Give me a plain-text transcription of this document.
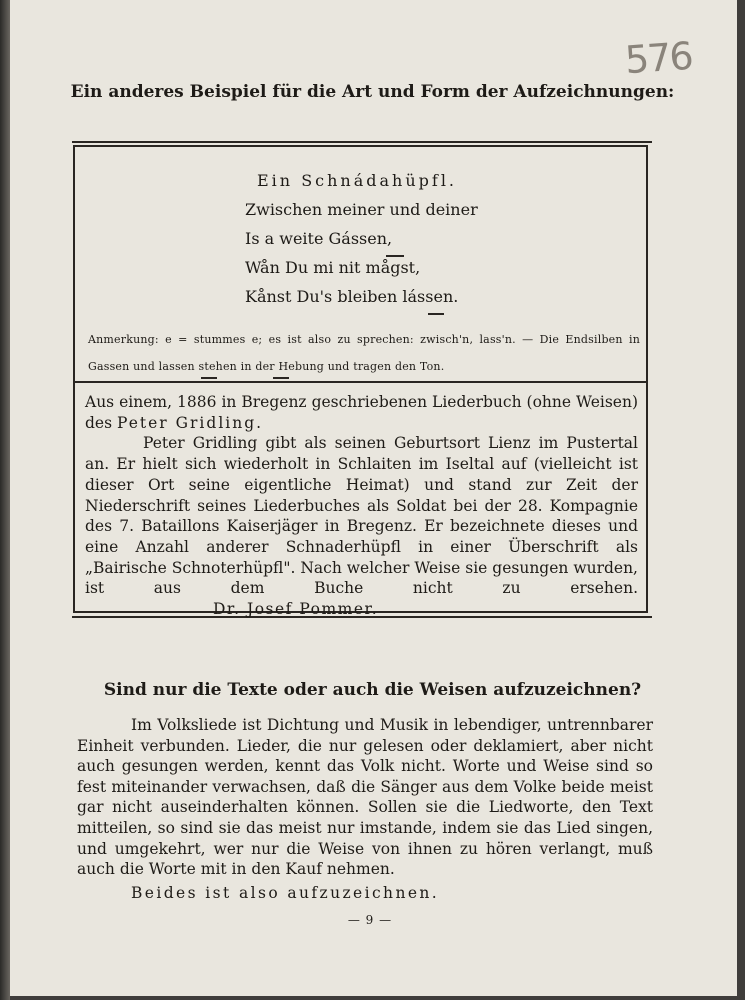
576
Ein anderes Beispiel für die Art und Form der Aufzeichnungen:
Ein Schnádahüpfl.
Zwischen meiner und deiner
Is a weite Gássen,
Wån Du mi nit mågst,
Kånst Du's bleiben lássen.
Anmerkung: e = stummes e; es ist also zu sprechen: zwisch'n, lass'n. — Die Endsilben in Gassen und lassen stehen in der Hebung und tragen den Ton.

Aus einem, 1886 in Bregenz geschriebenen Liederbuch (ohne Weisen) des Peter Gridling.

Peter Gridling gibt als seinen Geburtsort Lienz im Pustertal an. Er hielt sich wiederholt in Schlaiten im Iseltal auf (vielleicht ist dieser Ort seine eigentliche Heimat) und stand zur Zeit der Niederschrift seines Liederbuches als Soldat bei der 28. Kompagnie des 7. Bataillons Kaiserjäger in Bregenz. Er bezeichnete dieses und eine Anzahl anderer Schnaderhüpfl in einer Überschrift als „Bairische Schnoterhüpfl". Nach welcher Weise sie gesungen wurden, ist aus dem Buche nicht zu ersehen. Dr. Josef Pommer.

Sind nur die Texte oder auch die Weisen aufzuzeichnen?

Im Volksliede ist Dichtung und Musik in lebendiger, untrennbarer Einheit verbunden. Lieder, die nur gelesen oder deklamiert, aber nicht auch gesungen werden, kennt das Volk nicht. Worte und Weise sind so fest miteinander verwachsen, daß die Sänger aus dem Volke beide meist gar nicht auseinderhalten können. Sollen sie die Liedworte, den Text mitteilen, so sind sie das meist nur imstande, indem sie das Lied singen, und umgekehrt, wer nur die Weise von ihnen zu hören verlangt, muß auch die Worte mit in den Kauf nehmen.

Beides ist also aufzuzeichnen.

— 9 —
